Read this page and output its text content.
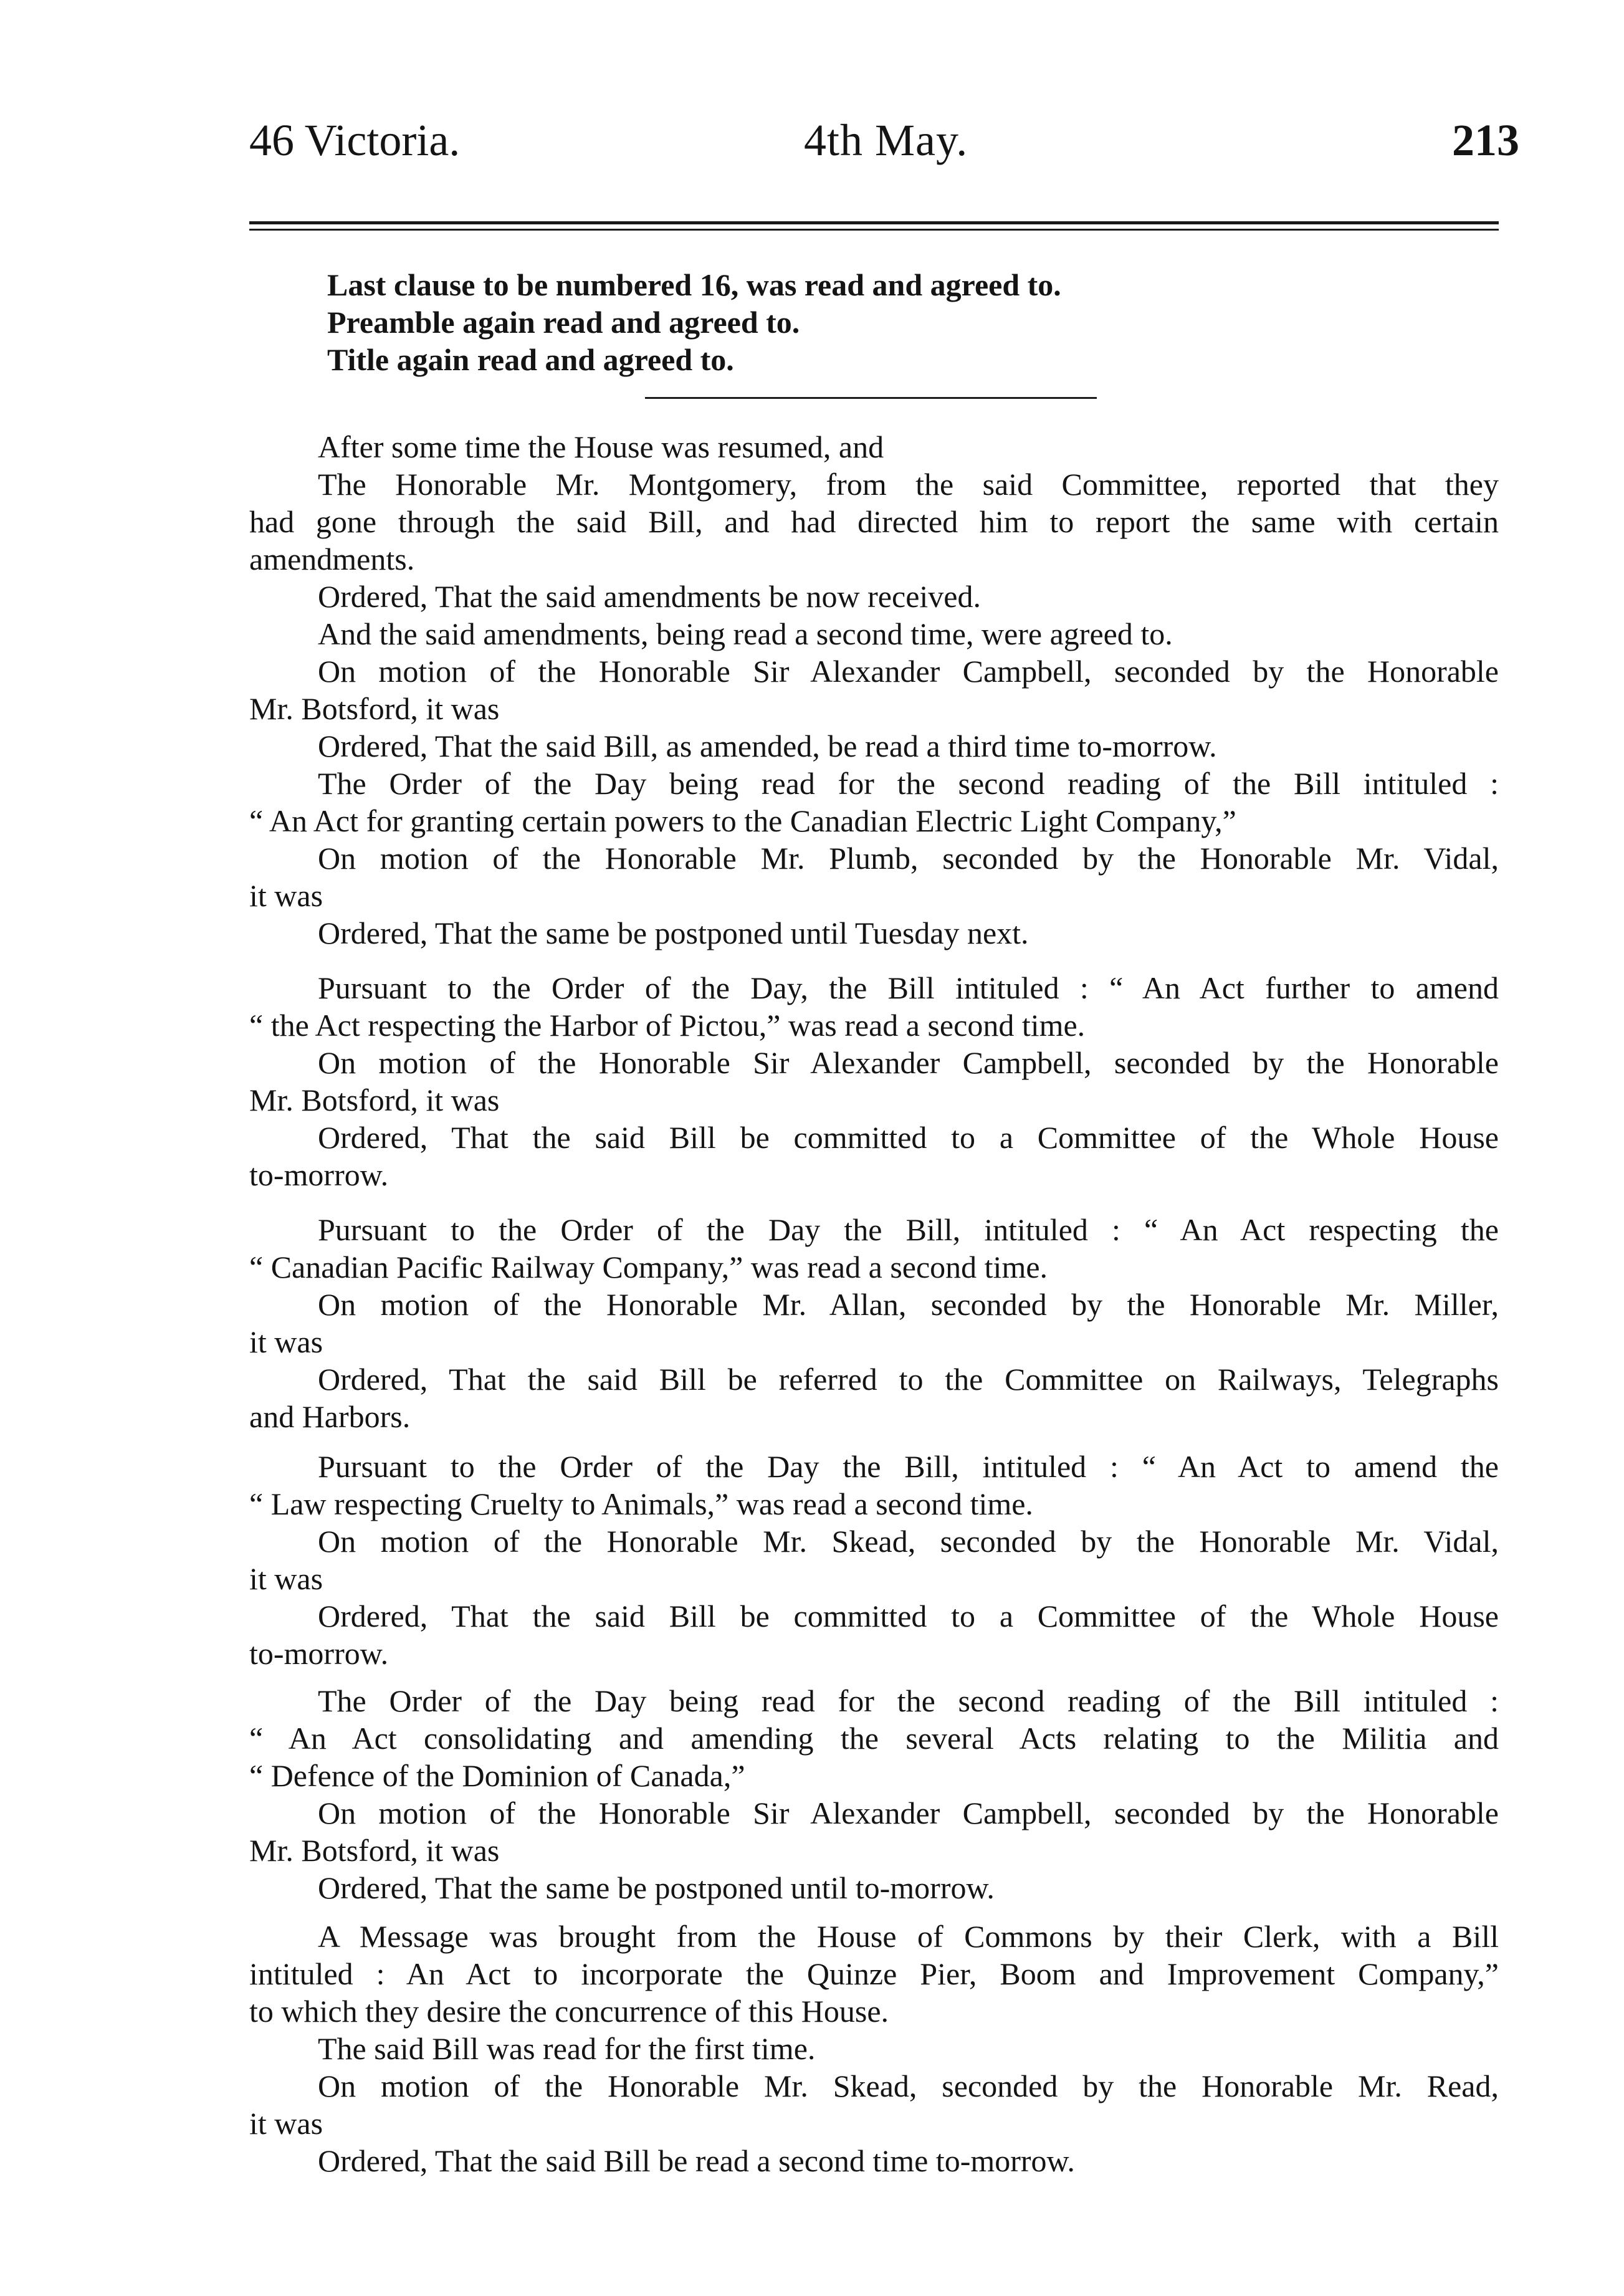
46 Victoria.	4th May.	213
Last clause to be numbered 16, was read and agreed to.
Preamble again read and agreed to.
Title again read and agreed to.
After some time the House was resumed, and
The Honorable Mr. Montgomery, from the said Committee, reported that they
had gone through the said Bill, and had directed him to report the same with certain
amendments.
Ordered, That the said amendments be now received.
And the said amendments, being read a second time, were agreed to.
On motion of the Honorable Sir Alexander Campbell, seconded by the Honorable
Mr. Botsford, it was
Ordered, That the said Bill, as amended, be read a third time to-morrow.
The Order of the Day being read for the second reading of the Bill intituled :
“ An Act for granting certain powers to the Canadian Electric Light Company,”
On motion of the Honorable Mr. Plumb, seconded by the Honorable Mr. Vidal,
it was
Ordered, That the same be postponed until Tuesday next.
Pursuant to the Order of the Day, the Bill intituled : “ An Act further to amend
“ the Act respecting the Harbor of Pictou,” was read a second time.
On motion of the Honorable Sir Alexander Campbell, seconded by the Honorable
Mr. Botsford, it was
Ordered, That the said Bill be committed to a Committee of the Whole House
to-morrow.
Pursuant to the Order of the Day the Bill, intituled : “ An Act respecting the
“ Canadian Pacific Railway Company,” was read a second time.
On motion of the Honorable Mr. Allan, seconded by the Honorable Mr. Miller,
it was
Ordered, That the said Bill be referred to the Committee on Railways, Telegraphs
and Harbors.
Pursuant to the Order of the Day the Bill, intituled : “ An Act to amend the
“ Law respecting Cruelty to Animals,” was read a second time.
On motion of the Honorable Mr. Skead, seconded by the Honorable Mr. Vidal,
it was
Ordered, That the said Bill be committed to a Committee of the Whole House
to-morrow.
The Order of the Day being read for the second reading of the Bill intituled :
“ An Act consolidating and amending the several Acts relating to the Militia and
“ Defence of the Dominion of Canada,”
On motion of the Honorable Sir Alexander Campbell, seconded by the Honorable
Mr. Botsford, it was
Ordered, That the same be postponed until to-morrow.
A Message was brought from the House of Commons by their Clerk, with a Bill
intituled : An Act to incorporate the Quinze Pier, Boom and Improvement Company,”
to which they desire the concurrence of this House.
The said Bill was read for the first time.
On motion of the Honorable Mr. Skead, seconded by the Honorable Mr. Read,
it was
Ordered, That the said Bill be read a second time to-morrow.
